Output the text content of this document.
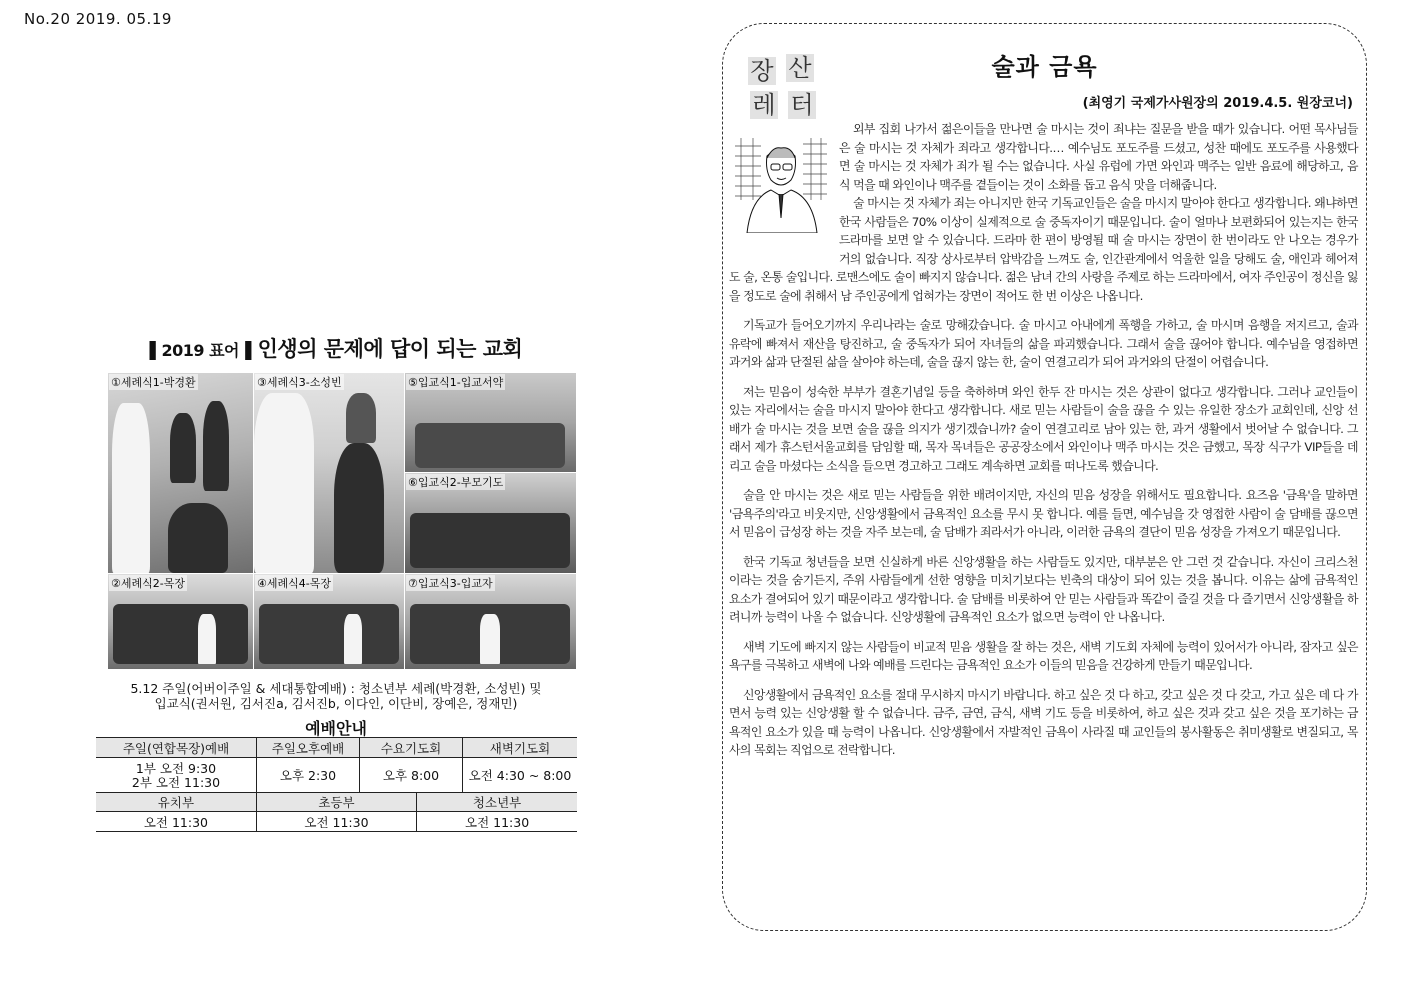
No.20 2019. 05.19
▌2019 표어▐ 인생의 문제에 답이 되는 교회
①세례식1-박경환	③세례식3-소성빈	⑤입교식1-입교서약
⑥입교식2-부모기도
②세례식2-목장	④세례식4-목장	⑦입교식3-입교자
5.12 주일(어버이주일 & 세대통합예배) : 청소년부 세례(박경환, 소성빈) 및
입교식(권서원, 김서진a, 김서진b, 이다인, 이단비, 장예은, 정재민)
예배안내
주일(연합목장)예배	주일오후예배	수요기도회	새벽기도회

1부 오전 9:30
2부 오전 11:30	오후 2:30	오후 8:00	오전 4:30 ~ 8:00
유치부	초등부	청소년부
오전 11:30	오전 11:30	오전 11:30
장 산
레 터
술과 금욕
(최영기 국제가사원장의 2019.4.5. 원장코너)

외부 집회 나가서 젊은이들을 만나면 술 마시는 것이 죄냐는 질문을 받을 때가 있습니다. 어떤 목사님들은 술 마시는 것 자체가 죄라고 생각합니다.… 예수님도 포도주를 드셨고, 성찬 때에도 포도주를 사용했다면 술 마시는 것 자체가 죄가 될 수는 없습니다. 사실 유럽에 가면 와인과 맥주는 일반 음료에 해당하고, 음식 먹을 때 와인이나 맥주를 곁들이는 것이 소화를 돕고 음식 맛을 더해줍니다.

술 마시는 것 자체가 죄는 아니지만 한국 기독교인들은 술을 마시지 말아야 한다고 생각합니다. 왜냐하면 한국 사람들은 70% 이상이 실제적으로 술 중독자이기 때문입니다. 술이 얼마나 보편화되어 있는지는 한국 드라마를 보면 알 수 있습니다. 드라마 한 편이 방영될 때 술 마시는 장면이 한 번이라도 안 나오는 경우가 거의 없습니다. 직장 상사로부터 압박감을 느껴도 술, 인간관계에서 억울한 일을 당해도 술, 애인과 헤어져도 술, 온통 술입니다. 로맨스에도 술이 빠지지 않습니다. 젊은 남녀 간의 사랑을 주제로 하는 드라마에서, 여자 주인공이 정신을 잃을 정도로 술에 취해서 남 주인공에게 업혀가는 장면이 적어도 한 번 이상은 나옵니다.

기독교가 들어오기까지 우리나라는 술로 망해갔습니다. 술 마시고 아내에게 폭행을 가하고, 술 마시며 음행을 저지르고, 술과 유락에 빠져서 재산을 탕진하고, 술 중독자가 되어 자녀들의 삶을 파괴했습니다. 그래서 술을 끊어야 합니다. 예수님을 영접하면 과거와 삶과 단절된 삶을 살아야 하는데, 술을 끊지 않는 한, 술이 연결고리가 되어 과거와의 단절이 어렵습니다.

저는 믿음이 성숙한 부부가 결혼기념일 등을 축하하며 와인 한두 잔 마시는 것은 상관이 없다고 생각합니다. 그러나 교인들이 있는 자리에서는 술을 마시지 말아야 한다고 생각합니다. 새로 믿는 사람들이 술을 끊을 수 있는 유일한 장소가 교회인데, 신앙 선배가 술 마시는 것을 보면 술을 끊을 의지가 생기겠습니까? 술이 연결고리로 남아 있는 한, 과거 생활에서 벗어날 수 없습니다. 그래서 제가 휴스턴서울교회를 담임할 때, 목자 목녀들은 공공장소에서 와인이나 맥주 마시는 것은 금했고, 목장 식구가 VIP들을 데리고 술을 마셨다는 소식을 들으면 경고하고 그래도 계속하면 교회를 떠나도록 했습니다.

술을 안 마시는 것은 새로 믿는 사람들을 위한 배려이지만, 자신의 믿음 성장을 위해서도 필요합니다. 요즈음 '금욕'을 말하면 '금욕주의'라고 비웃지만, 신앙생활에서 금욕적인 요소를 무시 못 합니다. 예를 들면, 예수님을 갓 영접한 사람이 술 담배를 끊으면서 믿음이 급성장 하는 것을 자주 보는데, 술 담배가 죄라서가 아니라, 이러한 금욕의 결단이 믿음 성장을 가져오기 때문입니다.

한국 기독교 청년들을 보면 신실하게 바른 신앙생활을 하는 사람들도 있지만, 대부분은 안 그런 것 같습니다. 자신이 크리스천이라는 것을 숨기든지, 주위 사람들에게 선한 영향을 미치기보다는 빈축의 대상이 되어 있는 것을 봅니다. 이유는 삶에 금욕적인 요소가 결여되어 있기 때문이라고 생각합니다. 술 담배를 비롯하여 안 믿는 사람들과 똑같이 즐길 것을 다 즐기면서 신앙생활을 하려니까 능력이 나올 수 없습니다. 신앙생활에 금욕적인 요소가 없으면 능력이 안 나옵니다.

새벽 기도에 빠지지 않는 사람들이 비교적 믿음 생활을 잘 하는 것은, 새벽 기도회 자체에 능력이 있어서가 아니라, 잠자고 싶은 욕구를 극복하고 새벽에 나와 예배를 드린다는 금욕적인 요소가 이들의 믿음을 건강하게 만들기 때문입니다.

신앙생활에서 금욕적인 요소를 절대 무시하지 마시기 바랍니다. 하고 싶은 것 다 하고, 갖고 싶은 것 다 갖고, 가고 싶은 데 다 가면서 능력 있는 신앙생활 할 수 없습니다. 금주, 금연, 금식, 새벽 기도 등을 비롯하여, 하고 싶은 것과 갖고 싶은 것을 포기하는 금욕적인 요소가 있을 때 능력이 나옵니다. 신앙생활에서 자발적인 금욕이 사라질 때 교인들의 봉사활동은 취미생활로 변질되고, 목사의 목회는 직업으로 전락합니다.
